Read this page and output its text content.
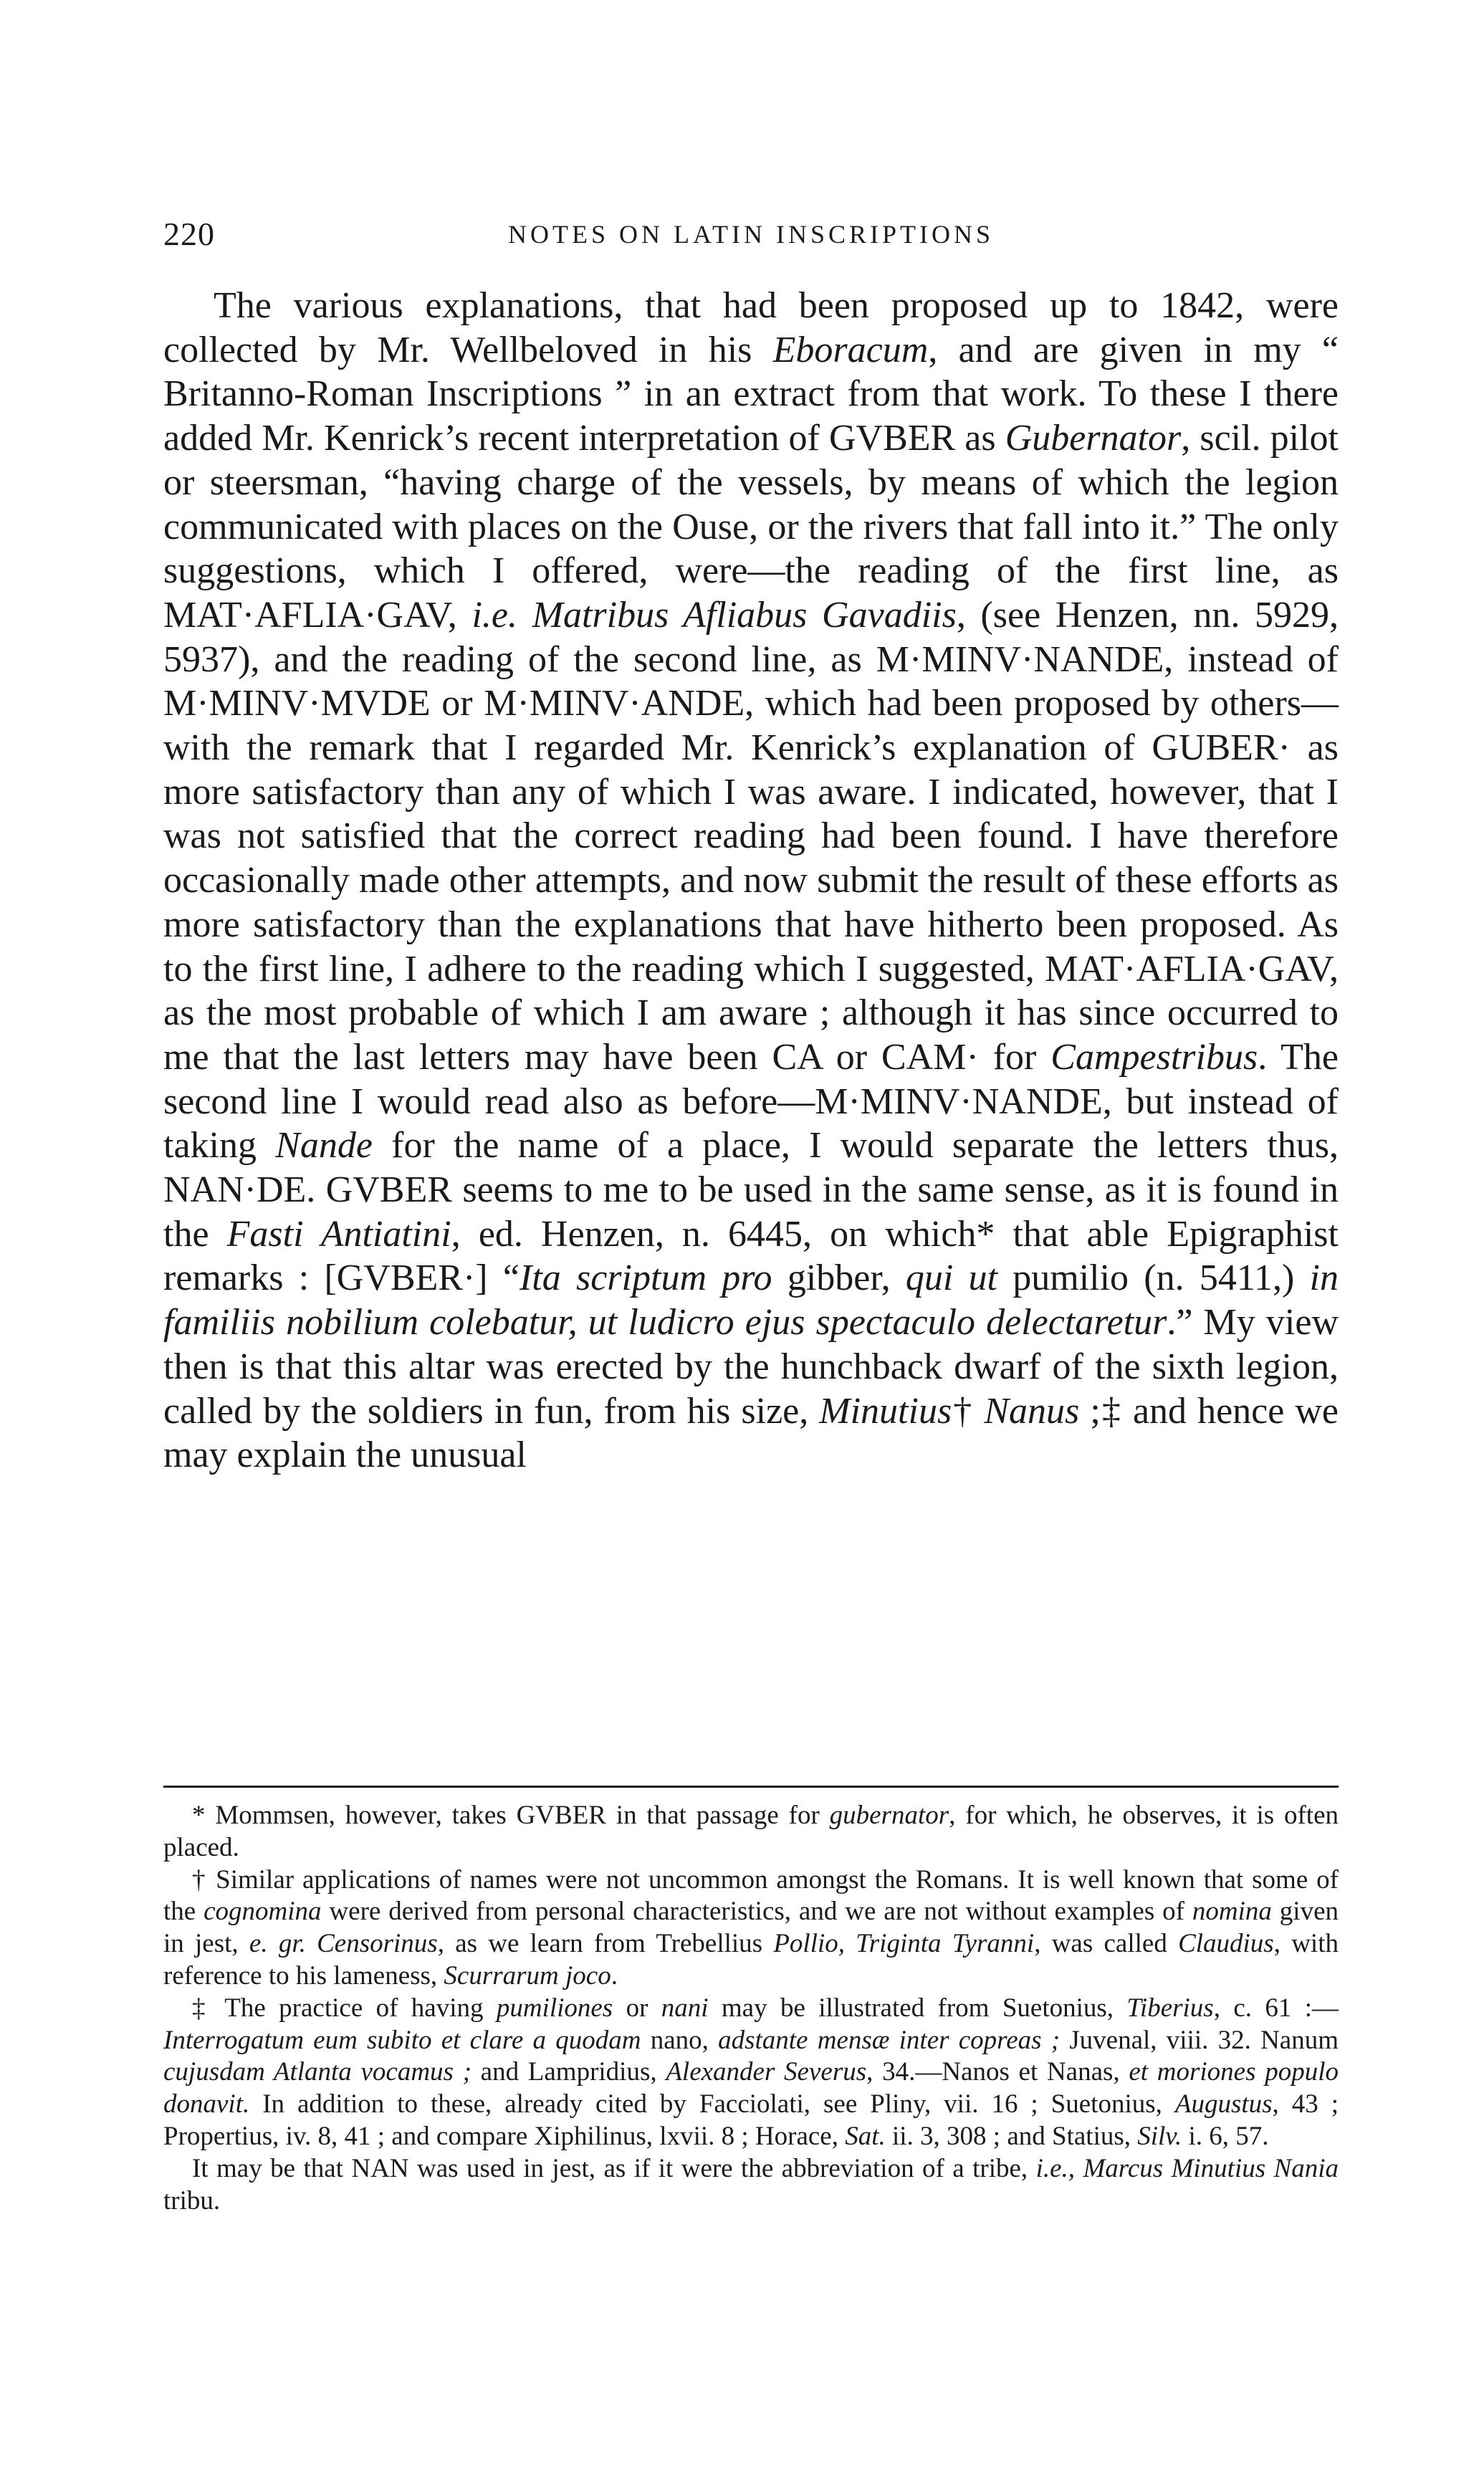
220	NOTES ON LATIN INSCRIPTIONS

The various explanations, that had been proposed up to 1842, were collected by Mr. Wellbeloved in his Eboracum, and are given in my “ Britanno-Roman Inscriptions ” in an extract from that work. To these I there added Mr. Kenrick’s recent interpretation of GVBER as Gubernator, scil. pilot or steersman, “having charge of the vessels, by means of which the legion communicated with places on the Ouse, or the rivers that fall into it.” The only suggestions, which I offered, were—the reading of the first line, as MAT·AFLIA·GAV, i.e. Matribus Afliabus Gavadiis, (see Henzen, nn. 5929, 5937), and the reading of the second line, as M·MINV·NANDE, instead of M·MINV·MVDE or M·MINV·ANDE, which had been proposed by others—with the remark that I regarded Mr. Kenrick’s explanation of GUBER· as more satisfactory than any of which I was aware. I indicated, however, that I was not satisfied that the correct reading had been found. I have therefore occasionally made other attempts, and now submit the result of these efforts as more satisfactory than the explanations that have hitherto been proposed. As to the first line, I adhere to the reading which I suggested, MAT·AFLIA·GAV, as the most probable of which I am aware ; although it has since occurred to me that the last letters may have been CA or CAM· for Campestribus. The second line I would read also as before—M·MINV·NANDE, but instead of taking Nande for the name of a place, I would separate the letters thus, NAN·DE. GVBER seems to me to be used in the same sense, as it is found in the Fasti Antiatini, ed. Henzen, n. 6445, on which* that able Epigraphist remarks : [GVBER·] “Ita scriptum pro gibber, qui ut pumilio (n. 5411,) in familiis nobilium colebatur, ut ludicro ejus spectaculo delectaretur.” My view then is that this altar was erected by the hunchback dwarf of the sixth legion, called by the soldiers in fun, from his size, Minutius† Nanus ;‡ and hence we may explain the unusual

* Mommsen, however, takes GVBER in that passage for gubernator, for which, he observes, it is often placed.

† Similar applications of names were not uncommon amongst the Romans. It is well known that some of the cognomina were derived from personal characteristics, and we are not without examples of nomina given in jest, e. gr. Censorinus, as we learn from Trebellius Pollio, Triginta Tyranni, was called Claudius, with reference to his lameness, Scurrarum joco.

‡ The practice of having pumiliones or nani may be illustrated from Suetonius, Tiberius, c. 61 :—Interrogatum eum subito et clare a quodam nano, adstante mensæ inter copreas ; Juvenal, viii. 32. Nanum cujusdam Atlanta vocamus ; and Lampridius, Alexander Severus, 34.—Nanos et Nanas, et moriones populo donavit. In addition to these, already cited by Facciolati, see Pliny, vii. 16 ; Suetonius, Augustus, 43 ; Propertius, iv. 8, 41 ; and compare Xiphilinus, lxvii. 8 ; Horace, Sat. ii. 3, 308 ; and Statius, Silv. i. 6, 57.

It may be that NAN was used in jest, as if it were the abbreviation of a tribe, i.e., Marcus Minutius Nania tribu.
